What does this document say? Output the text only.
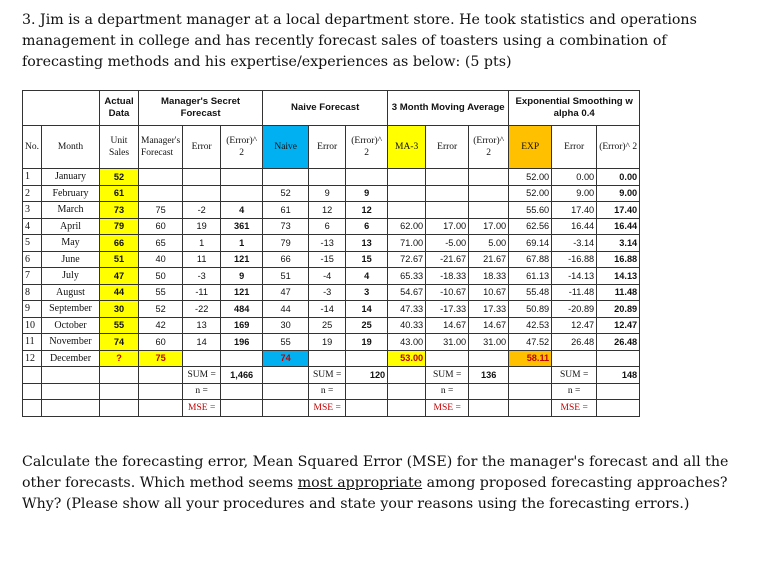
3. Jim is a department manager at a local department store. He took statistics and operations management in college and has recently forecast sales of toasters using a combination of forecasting methods and his expertise/experiences as below: (5 pts)
		Actual Data	Manager's Secret Forecast			Naive Forecast			3 Month Moving Average			Exponential Smoothing w alpha 0.4		
No.	Month	Unit Sales	Manager's Forecast	Error	(Error)^ 2	Naive	Error	(Error)^ 2	MA-3	Error	(Error)^ 2	EXP	Error	(Error)^ 2
1	January	52										52.00	0.00	0.00
2	February	61				52	9	9				52.00	9.00	9.00
3	March	73	75	-2	4	61	12	12				55.60	17.40	17.40
4	April	79	60	19	361	73	6	6	62.00	17.00	17.00	62.56	16.44	16.44
5	May	66	65	1	1	79	-13	13	71.00	-5.00	5.00	69.14	-3.14	3.14
6	June	51	40	11	121	66	-15	15	72.67	-21.67	21.67	67.88	-16.88	16.88
7	July	47	50	-3	9	51	-4	4	65.33	-18.33	18.33	61.13	-14.13	14.13
8	August	44	55	-11	121	47	-3	3	54.67	-10.67	10.67	55.48	-11.48	11.48
9	September	30	52	-22	484	44	-14	14	47.33	-17.33	17.33	50.89	-20.89	20.89
10	October	55	42	13	169	30	25	25	40.33	14.67	14.67	42.53	12.47	12.47
11	November	74	60	14	196	55	19	19	43.00	31.00	31.00	47.52	26.48	26.48
12	December	?	75			74			53.00			58.11		
				SUM =	1,466		SUM =	120		SUM =	136		SUM =	148
				n =			n =			n =			n =	
				MSE =			MSE =			MSE =			MSE =	
Calculate the forecasting error, Mean Squared Error (MSE) for the manager's forecast and all the other forecasts. Which method seems most appropriate among proposed forecasting approaches? Why? (Please show all your procedures and state your reasons using the forecasting errors.)
